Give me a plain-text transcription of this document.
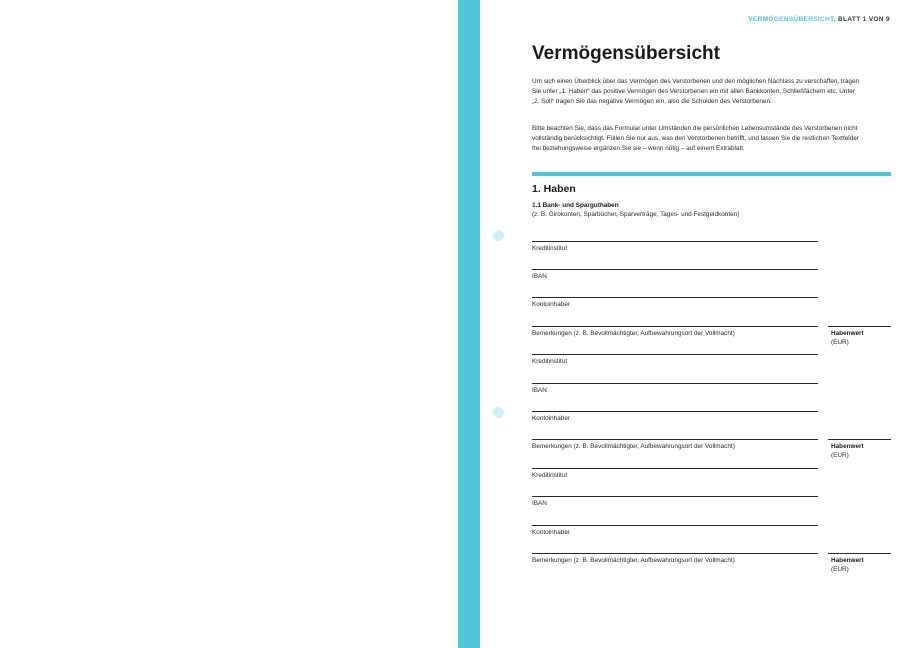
VERMÖGENSÜBERSICHT, BLATT 1 VON 9
Vermögensübersicht

Um sich einen Überblick über das Vermögen des Verstorbenen und den möglichen Nachlass zu verschaffen, tragen Sie unter „1. Haben“ das positive Vermögen des Verstorbenen ein mit allen Bankkonten, Schließfächern etc. Unter „2. Soll“ tragen Sie das negative Vermögen ein, also die Schulden des Verstorbenen.

Bitte beachten Sie, dass das Formular unter Umständen die persönlichen Lebensumstände des Verstorbenen nicht vollständig berücksichtigt. Füllen Sie nur aus, was den Verstorbenen betrifft, und lassen Sie die restlichen Textfelder frei beziehungsweise ergänzen Sie sie – wenn nötig – auf einem Extrablatt.

1. Haben
1.1 Bank- und Sparguthaben
(z. B. Girokonten, Sparbücher, Sparverträge, Tages- und Festgeldkonten)
Kreditinstitut
IBAN
Kontoinhaber
Bemerkungen (z. B. Bevollmächtigter, Aufbewahrungsort der Vollmacht)	Habenwert
(EUR)
Kreditinstitut
IBAN
Kontoinhaber
Bemerkungen (z. B. Bevollmächtigter, Aufbewahrungsort der Vollmacht)	Habenwert
(EUR)
Kreditinstitut
IBAN
Kontoinhaber
Bemerkungen (z. B. Bevollmächtigter, Aufbewahrungsort der Vollmacht)	Habenwert
(EUR)
